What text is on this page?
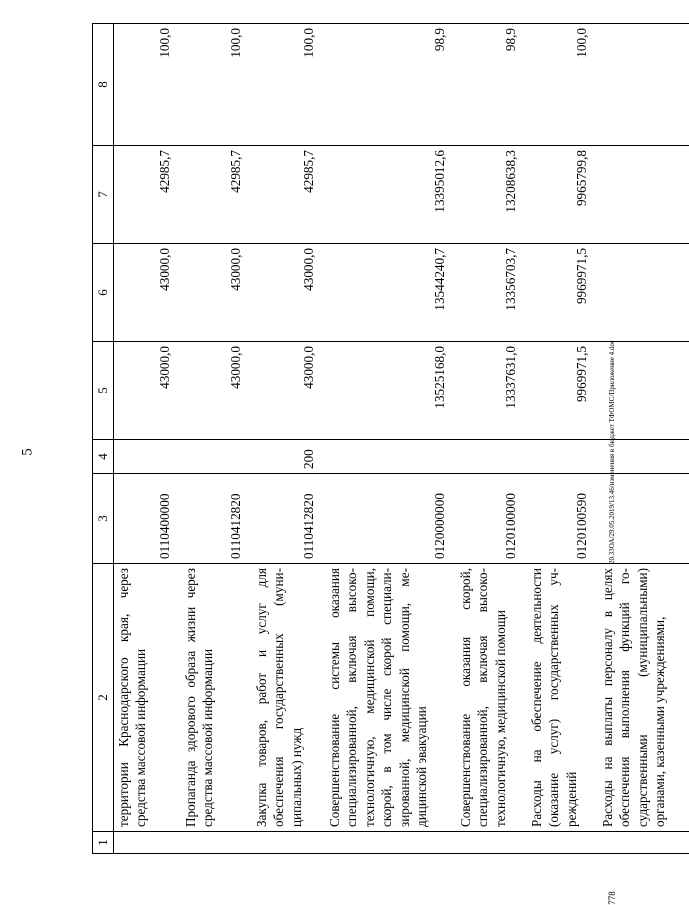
5	20.3ЗОА/29.05.2019/13.46/изменения в бюджет ТФОМС/Приложение 4.doc
778
1	2	3	4	5	6	7	8
	территории Краснодарского края, через средства массовой информации	0110400000		43000,0	43000,0	42985,7	100,0
	Пропаганда здорового образа жизни через средства массовой информации	0110412820		43000,0	43000,0	42985,7	100,0
	Закупка товаров, работ и услуг для обеспечения государственных (муни-ципальных) нужд	0110412820	200	43000,0	43000,0	42985,7	100,0
	Совершенствование системы оказания специализированной, включая высоко-технологичную, медицинской помощи, скорой, в том числе скорой специали-зированной, медицинской помощи, ме-дицинской эвакуации	0120000000		13525168,0	13544240,7	13395012,6	98,9
	Совершенствование оказания скорой, специализированной, включая высоко-технологичную, медицинской помощи	0120100000		13337631,0	13356703,7	13208638,3	98,9
	Расходы на обеспечение деятельности (оказание услуг) государственных уч-реждений	0120100590		9969971,5	9969971,5	9965799,8	100,0
	Расходы на выплаты персоналу в целях обеспечения выполнения функций го-сударственными (муниципальными) органами, казенными учреждениями,						
